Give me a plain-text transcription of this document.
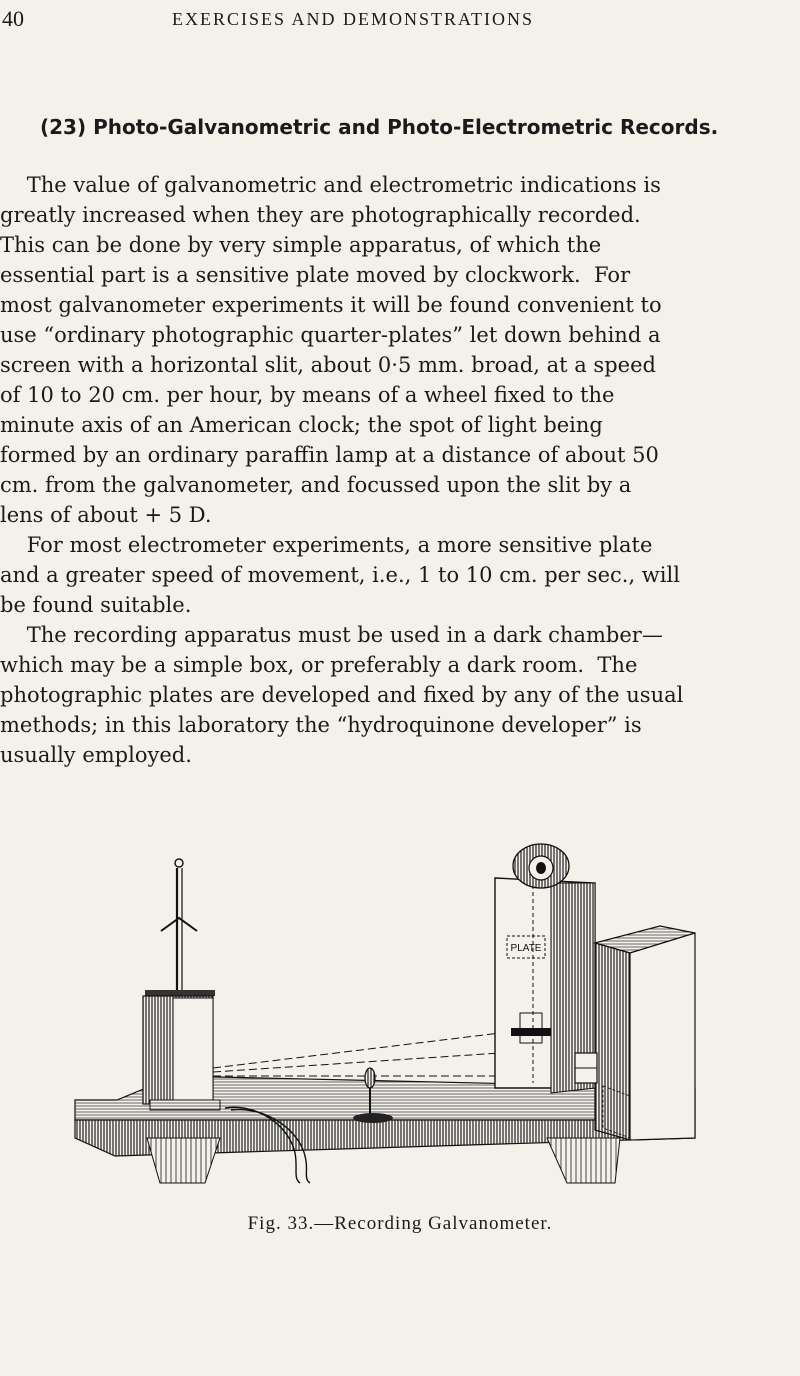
40	EXERCISES AND DEMONSTRATIONS
(23) Photo-Galvanometric and Photo-Electrometric Records.
The value of galvanometric and electrometric indications is
greatly increased when they are photographically recorded.
This can be done by very simple apparatus, of which the
essential part is a sensitive plate moved by clockwork.  For
most galvanometer experiments it will be found convenient to
use “ordinary photographic quarter-plates” let down behind a
screen with a horizontal slit, about 0·5 mm. broad, at a speed
of 10 to 20 cm. per hour, by means of a wheel fixed to the
minute axis of an American clock; the spot of light being
formed by an ordinary paraffin lamp at a distance of about 50
cm. from the galvanometer, and focussed upon the slit by a
lens of about + 5 D.
For most electrometer experiments, a more sensitive plate
and a greater speed of movement, i.e., 1 to 10 cm. per sec., will
be found suitable.
The recording apparatus must be used in a dark chamber—
which may be a simple box, or preferably a dark room.  The
photographic plates are developed and fixed by any of the usual
methods; in this laboratory the “hydroquinone developer” is
usually employed.
PLATE
Fig. 33.—Recording Galvanometer.
